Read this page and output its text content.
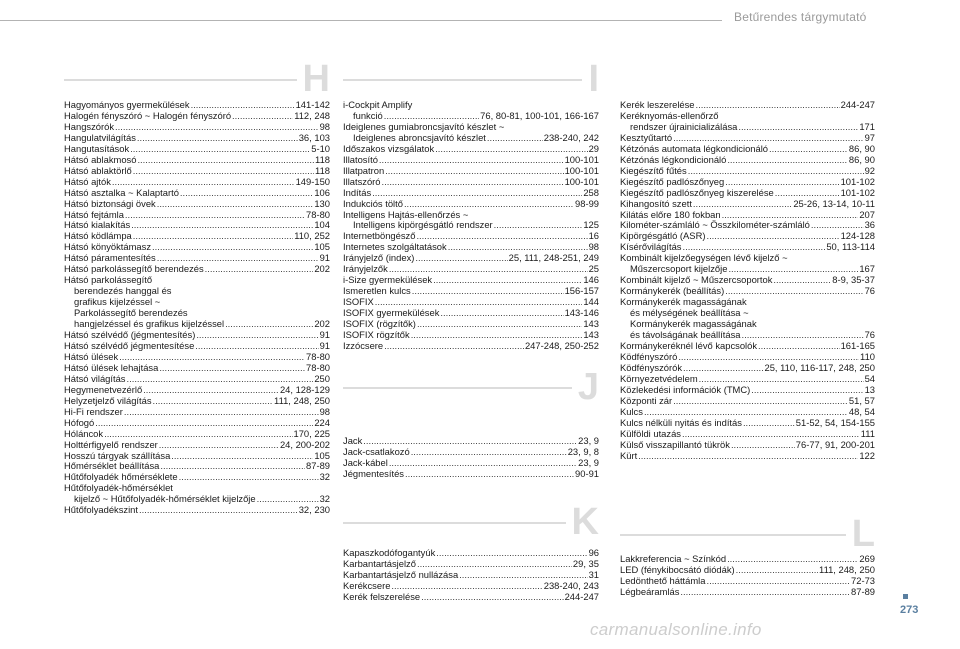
Betűrendes tárgymutató
H	I
J
K	L
Hagyományos gyermekülések .....	141-142
Halogén fényszóró ~ Halogén fényszóró .....	112, 248
Hangszórók .....	98
Hangulatvilágítás .....	36, 103
Hangutasítások .....	5-10
Hátsó ablakmosó .....	118
Hátsó ablaktörlő .....	118
Hátsó ajtók .....	149-150
Hátsó asztalka ~ Kalaptartó .....	106
Hátsó biztonsági övek .....	130
Hátsó fejtámla .....	78-80
Hátsó kialakítás .....	104
Hátsó ködlámpa .....	110, 252
Hátsó könyöktámasz .....	105
Hátsó páramentesítés .....	91
Hátsó parkolássegítő berendezés .....	202
Hátsó parkolássegítő
berendezés hanggal és
grafikus kijelzéssel ~
Parkolássegítő berendezés
hangjelzéssel és grafikus kijelzéssel .....	202
Hátsó szélvédő (jégmentesítés) .....	91
Hátsó szélvédő jégmentesítése .....	91
Hátsó ülések .....	78-80
Hátsó ülések lehajtása .....	78-80
Hátsó világítás .....	250
Hegymenetvezérlő .....	24, 128-129
Helyzetjelző világítás .....	111, 248, 250
Hi-Fi rendszer .....	98
Hófogó .....	224
Hóláncok .....	170, 225
Holttérfigyelő rendszer .....	24, 200-202
Hosszú tárgyak szállítása .....	105
Hőmérséklet beállítása .....	87-89
Hűtőfolyadék hőmérséklete .....	32
Hűtőfolyadék-hőmérséklet
kijelző ~ Hűtőfolyadék-hőmérséklet kijelzője .....	32
Hűtőfolyadékszint .....	32, 230
i-Cockpit Amplify
funkció .....	76, 80-81, 100-101, 166-167
Ideiglenes gumiabroncsjavító készlet ~
Ideiglenes abroncsjavító készlet .....	238-240, 242
Időszakos vizsgálatok .....	29
Illatosító .....	100-101
Illatpatron .....	100-101
Illatszóró .....	100-101
Indítás .....	258
Indukciós töltő .....	98-99
Intelligens Hajtás-ellenőrzés ~
Intelligens kipörgésgátló rendszer .....	125
Internetböngésző .....	16
Internetes szolgáltatások .....	98
Irányjelző (index) .....	25, 111, 248-251, 249
Irányjelzők .....	25
i-Size gyermekülések .....	146
Ismeretlen kulcs .....	156-157
ISOFIX .....	144
ISOFIX gyermekülések .....	143-146
ISOFIX (rögzítők) .....	143
ISOFIX rögzítők .....	143
Izzócsere .....	247-248, 250-252
Jack .....	23, 9
Jack-csatlakozó .....	23, 9, 8
Jack-kábel .....	23, 9
Jégmentesítés .....	90-91
Kapaszkodófogantyúk .....	96
Karbantartásjelző .....	29, 35
Karbantartásjelző nullázása .....	31
Kerékcsere .....	238-240, 243
Kerék felszerelése .....	244-247
Kerék leszerelése .....	244-247
Keréknyomás-ellenőrző
rendszer újrainicializálása .....	171
Kesztyűtartó .....	97
Kétzónás automata légkondicionáló .....	86, 90
Kétzónás légkondicionáló .....	86, 90
Kiegészítő fűtés .....	92
Kiegészítő padlószőnyeg .....	101-102
Kiegészítő padlószőnyeg kiszerelése .....	101-102
Kihangosító szett .....	25-26, 13-14, 10-11
Kilátás előre 180 fokban .....	207
Kilométer-számláló ~ Összkilométer-számláló .....	36
Kipörgésgátló (ASR) .....	124-128
Kísérővilágítás .....	50, 113-114
Kombinált kijelzőegységen lévő kijelző ~
Műszercsoport kijelzője .....	167
Kombinált kijelző ~ Műszercsoportok .....	8-9, 35-37
Kormánykerék (beállítás) .....	76
Kormánykerék magasságának
és mélységének beállítása ~
Kormánykerék magasságának
és távolságának beállítása .....	76
Kormánykeréknél lévő kapcsolók .....	161-165
Ködfényszóró .....	110
Ködfényszórók .....	25, 110, 116-117, 248, 250
Környezetvédelem .....	54
Közlekedési információk (TMC) .....	13
Központi zár .....	51, 57
Kulcs .....	48, 54
Kulcs nélküli nyitás és indítás .....	51-52, 54, 154-155
Külföldi utazás .....	111
Külső visszapillantó tükrök .....	76-77, 91, 200-201
Kürt .....	122
Lakkreferencia ~ Színkód .....	269
LED (fénykibocsátó diódák) .....	111, 248, 250
Ledönthető háttámla .....	72-73
Légbeáramlás .....	87-89
273
carmanualsonline.info
